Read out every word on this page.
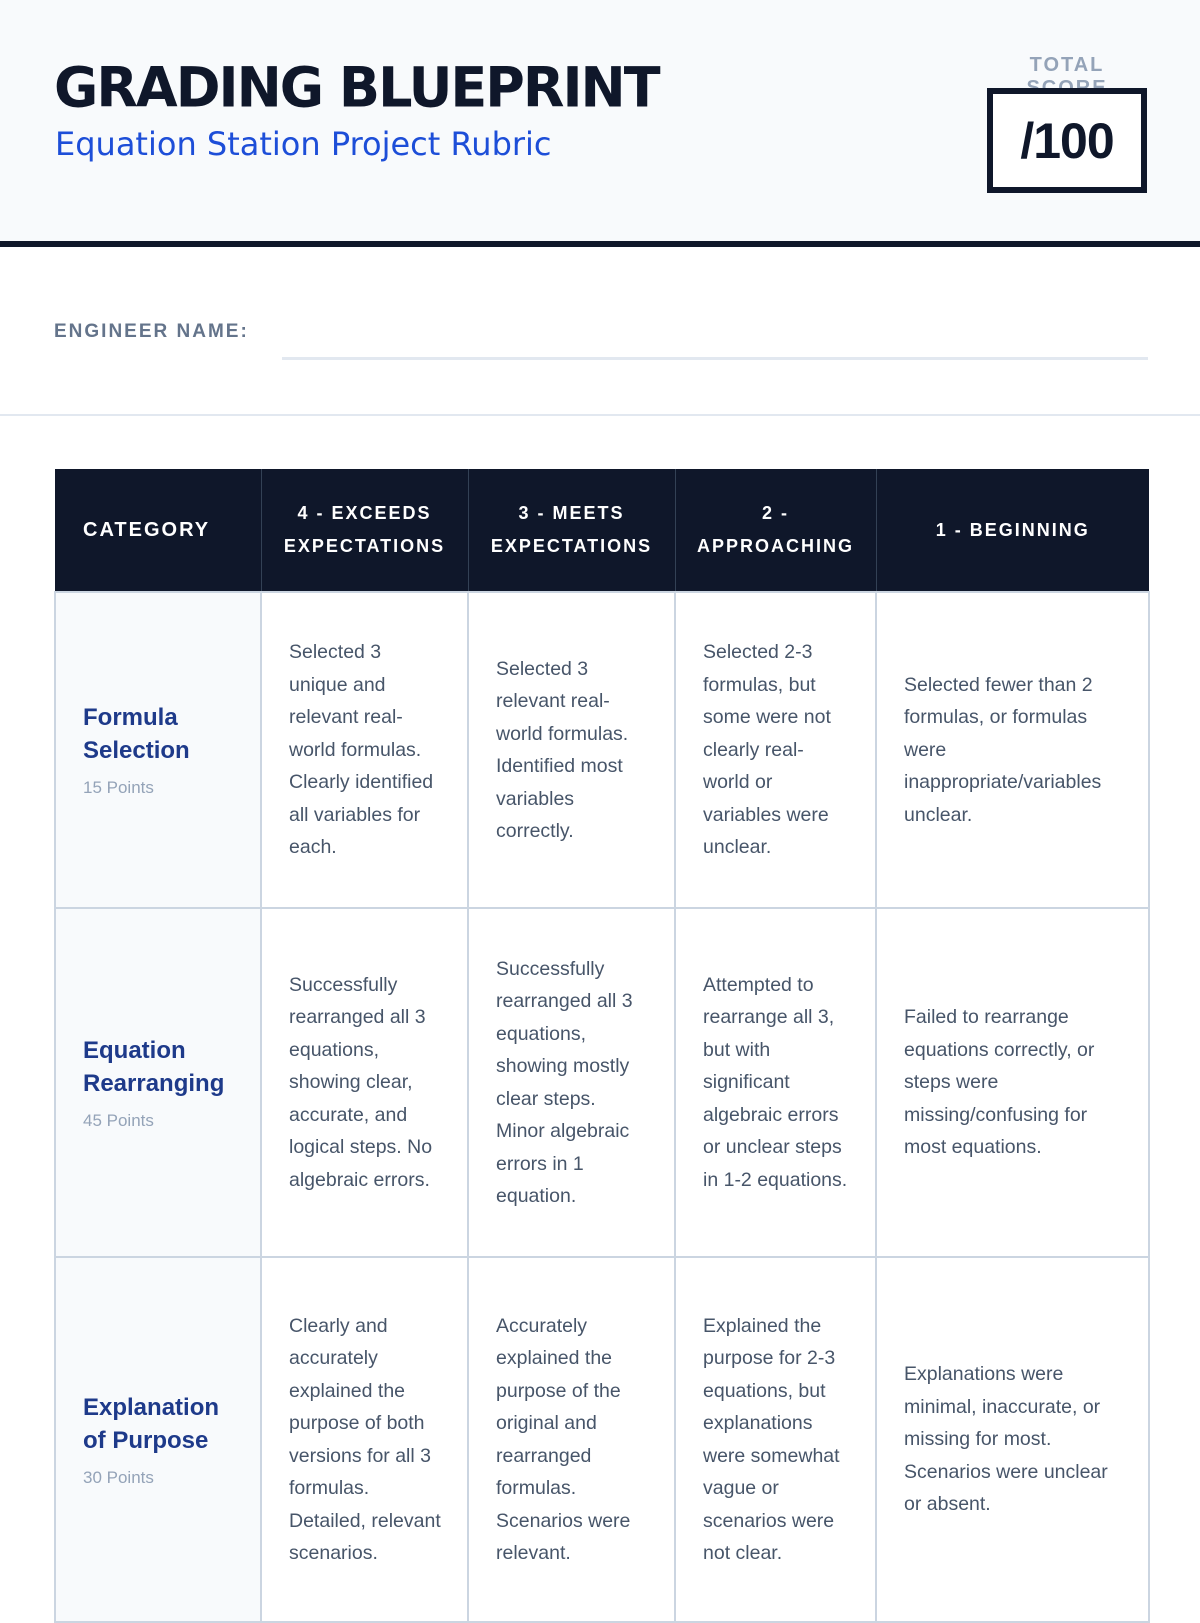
GRADING BLUEPRINT
Equation Station Project Rubric
TOTAL
/100
ENGINEER NAME:
CATEGORY	4 - EXCEEDS EXPECTATIONS	3 - MEETS EXPECTATIONS	2 - APPROACHING	1 - BEGINNING

Formula Selection
15 Points	Selected 3 unique and relevant real-world formulas. Clearly identified all variables for each.	Selected 3 relevant real-world formulas. Identified most variables correctly.	Selected 2-3 formulas, but some were not clearly real-world or variables were unclear.	Selected fewer than 2 formulas, or formulas were inappropriate/variables unclear.

Equation Rearranging
45 Points	Successfully rearranged all 3 equations, showing clear, accurate, and logical steps. No algebraic errors.	Successfully rearranged all 3 equations, showing mostly clear steps. Minor algebraic errors in 1 equation.	Attempted to rearrange all 3, but with significant algebraic errors or unclear steps in 1-2 equations.	Failed to rearrange equations correctly, or steps were missing/confusing for most equations.

Explanation of Purpose
30 Points	Clearly and accurately explained the purpose of both versions for all 3 formulas. Detailed, relevant scenarios.	Accurately explained the purpose of the original and rearranged formulas. Scenarios were relevant.	Explained the purpose for 2-3 equations, but explanations were somewhat vague or scenarios were not clear.	Explanations were minimal, inaccurate, or missing for most. Scenarios were unclear or absent.
